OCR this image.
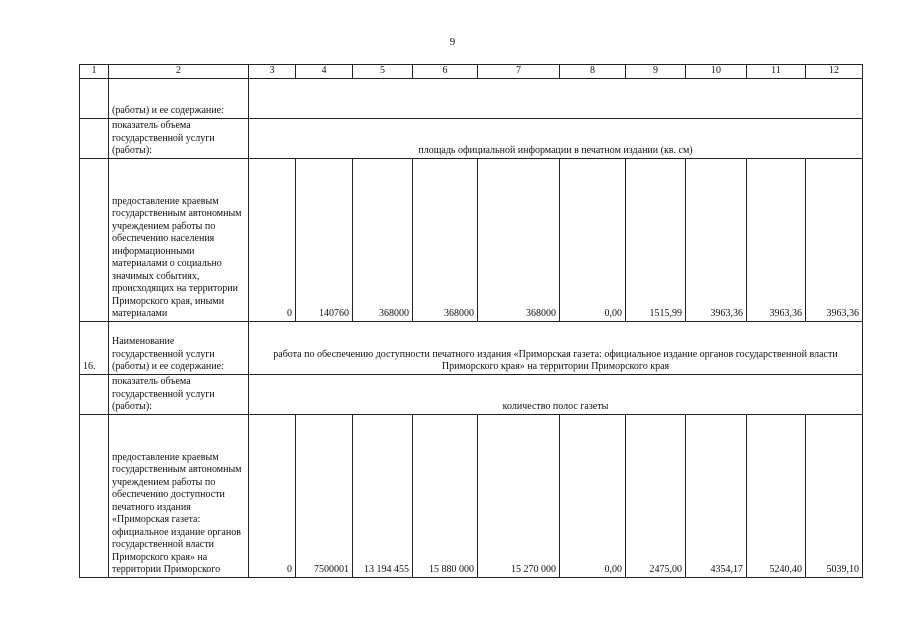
9
1	2	3	4	5	6	7	8	9	10	11	12
	(работы) и ее содержание:										
	показатель объема государственной услуги (работы):	площадь официальной информации в печатном издании (кв. см)									
	предоставление краевым государственным автономным учреждением работы по обеспечению населения информационными материалами о социально значимых событиях, происходящих на территории Приморского края, иными материалами	0	140760	368000	368000	368000	0,00	1515,99	3963,36	3963,36	3963,36
16.	Наименование государственной услуги (работы) и ее содержание:	работа по обеспечению доступности печатного издания «Приморская газета: официальное издание органов государственной власти Приморского края» на территории Приморского края									
	показатель объема государственной услуги (работы):	количество полос газеты									
	предоставление краевым государственным автономным учреждением работы по обеспечению доступности печатного издания «Приморская газета: официальное издание органов государственной власти Приморского края» на территории Приморского	0	7500001	13 194 455	15 880 000	15 270 000	0,00	2475,00	4354,17	5240,40	5039,10
